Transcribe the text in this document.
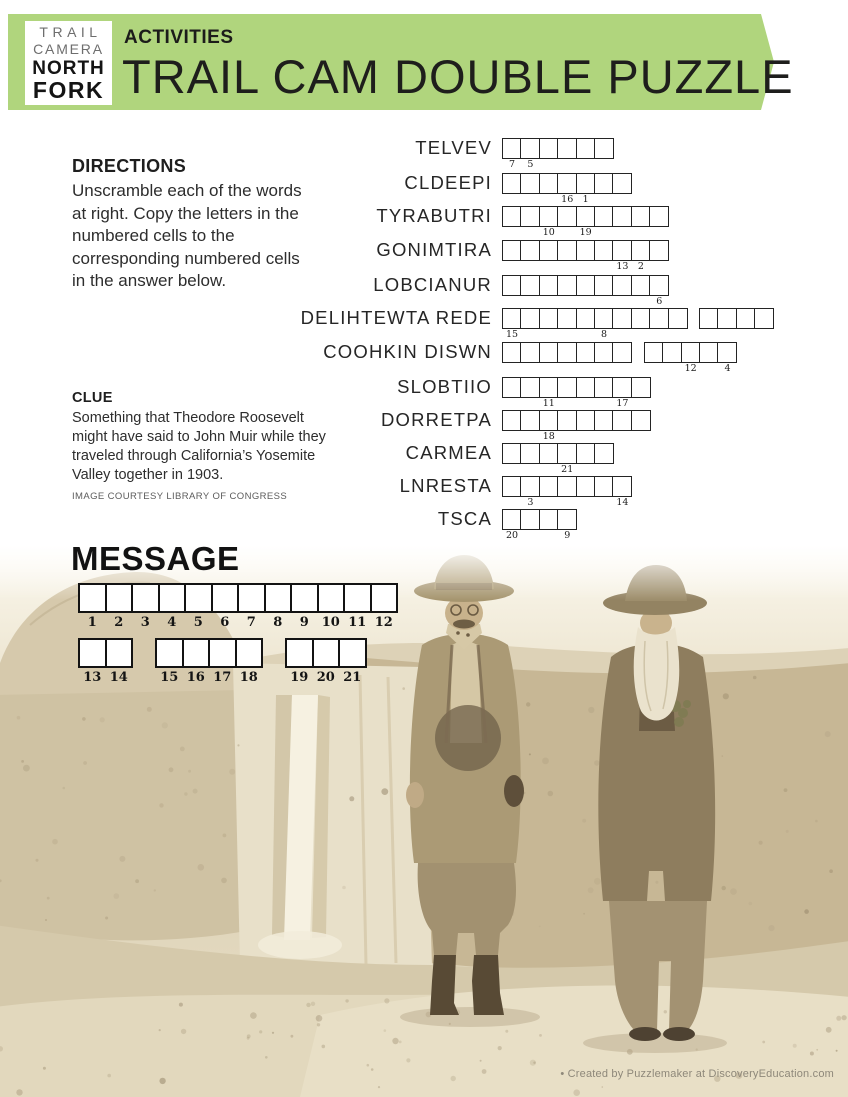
TRAIL
CAMERA
NORTH
FORK
ACTIVITIES
TRAIL CAM DOUBLE PUZZLE
DIRECTIONS

Unscramble each of the words at right. Copy the letters in the numbered cells to the corresponding numbered cells in the answer below.

CLUE

Something that Theodore Roosevelt might have said to John Muir while they traveled through California’s Yosemite Valley together in 1903.

IMAGE COURTESY LIBRARY OF CONGRESS
TELVEV
7	5
CLDEEPI
16 1
TYRABUTRI
10	19
GONIMTIRA
13 2
LOBCIANUR
6
DELIHTEWTA REDE
15	8
COOHKIN DISWN
12	4
SLOBTIIO
11	17
DORRETPA
18
CARMEA
21
LNRESTA
3	14
TSCA
20	9
MESSAGE
1	2	3	4	5	6	7	8	9 10 11 12
13 14 15 16 17 18 19 20 21
• Created by Puzzlemaker at DiscoveryEducation.com
